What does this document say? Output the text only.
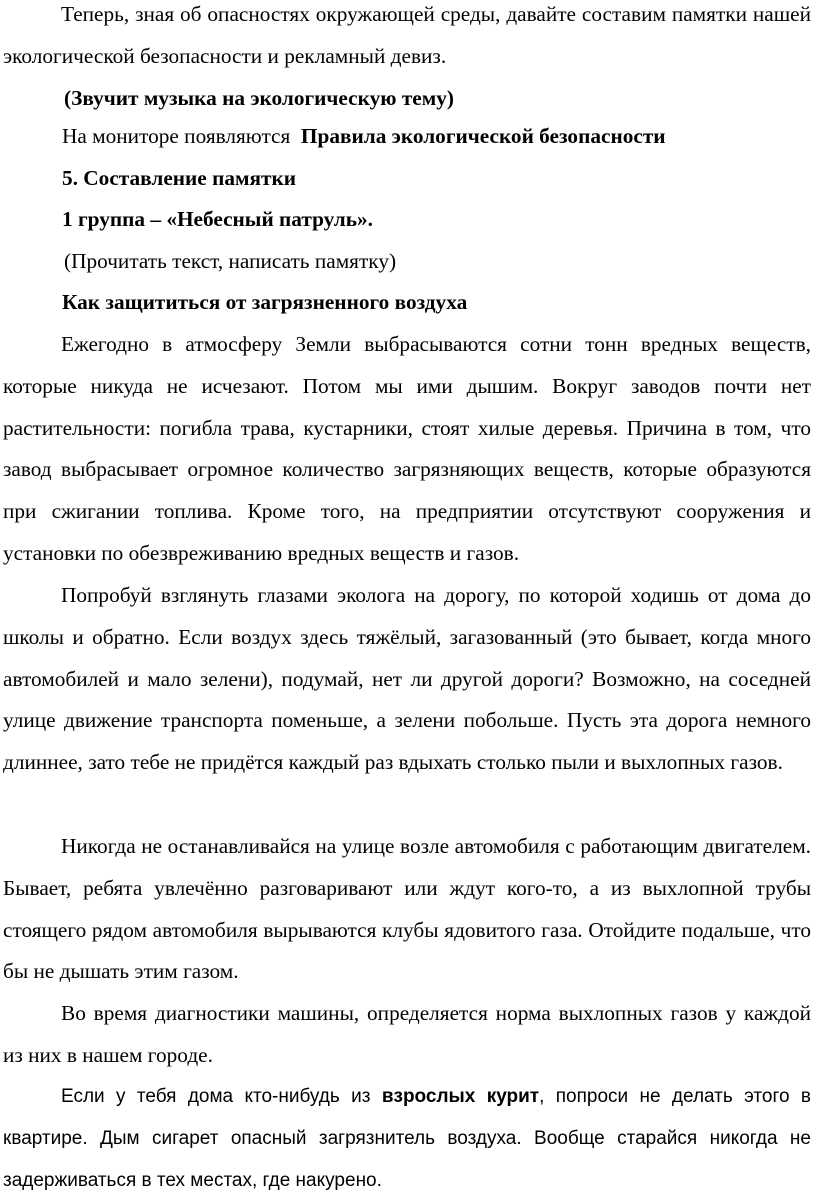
Теперь, зная об опасностях окружающей среды, давайте составим памятки нашей экологической безопасности и рекламный девиз.

(Звучит музыка на экологическую тему)

На мониторе появляются Правила экологической безопасности

5. Составление памятки

1 группа – «Небесный патруль».

(Прочитать текст, написать памятку)

Как защититься от загрязненного воздуха

Ежегодно в атмосферу Земли выбрасываются сотни тонн вредных веществ, которые никуда не исчезают. Потом мы ими дышим. Вокруг заводов почти нет растительности: погибла трава, кустарники, стоят хилые деревья. Причина в том, что завод выбрасывает огромное количество загрязняющих веществ, которые образуются при сжигании топлива. Кроме того, на предприятии отсутствуют сооружения и установки по обезвреживанию вредных веществ и газов.

Попробуй взглянуть глазами эколога на дорогу, по которой ходишь от дома до школы и обратно. Если воздух здесь тяжёлый, загазованный (это бывает, когда много автомобилей и мало зелени), подумай, нет ли другой дороги? Возможно, на соседней улице движение транспорта поменьше, а зелени побольше. Пусть эта дорога немного длиннее, зато тебе не придётся каждый раз вдыхать столько пыли и выхлопных газов.

Никогда не останавливайся на улице возле автомобиля с работающим двигателем. Бывает, ребята увлечённо разговаривают или ждут кого-то, а из выхлопной трубы стоящего рядом автомобиля вырываются клубы ядовитого газа. Отойдите подальше, что бы не дышать этим газом.

Во время диагностики машины, определяется норма выхлопных газов у каждой из них в нашем городе.

Если у тебя дома кто-нибудь из взрослых курит, попроси не делать этого в квартире. Дым сигарет опасный загрязнитель воздуха. Вообще старайся никогда не задерживаться в тех местах, где накурено.
